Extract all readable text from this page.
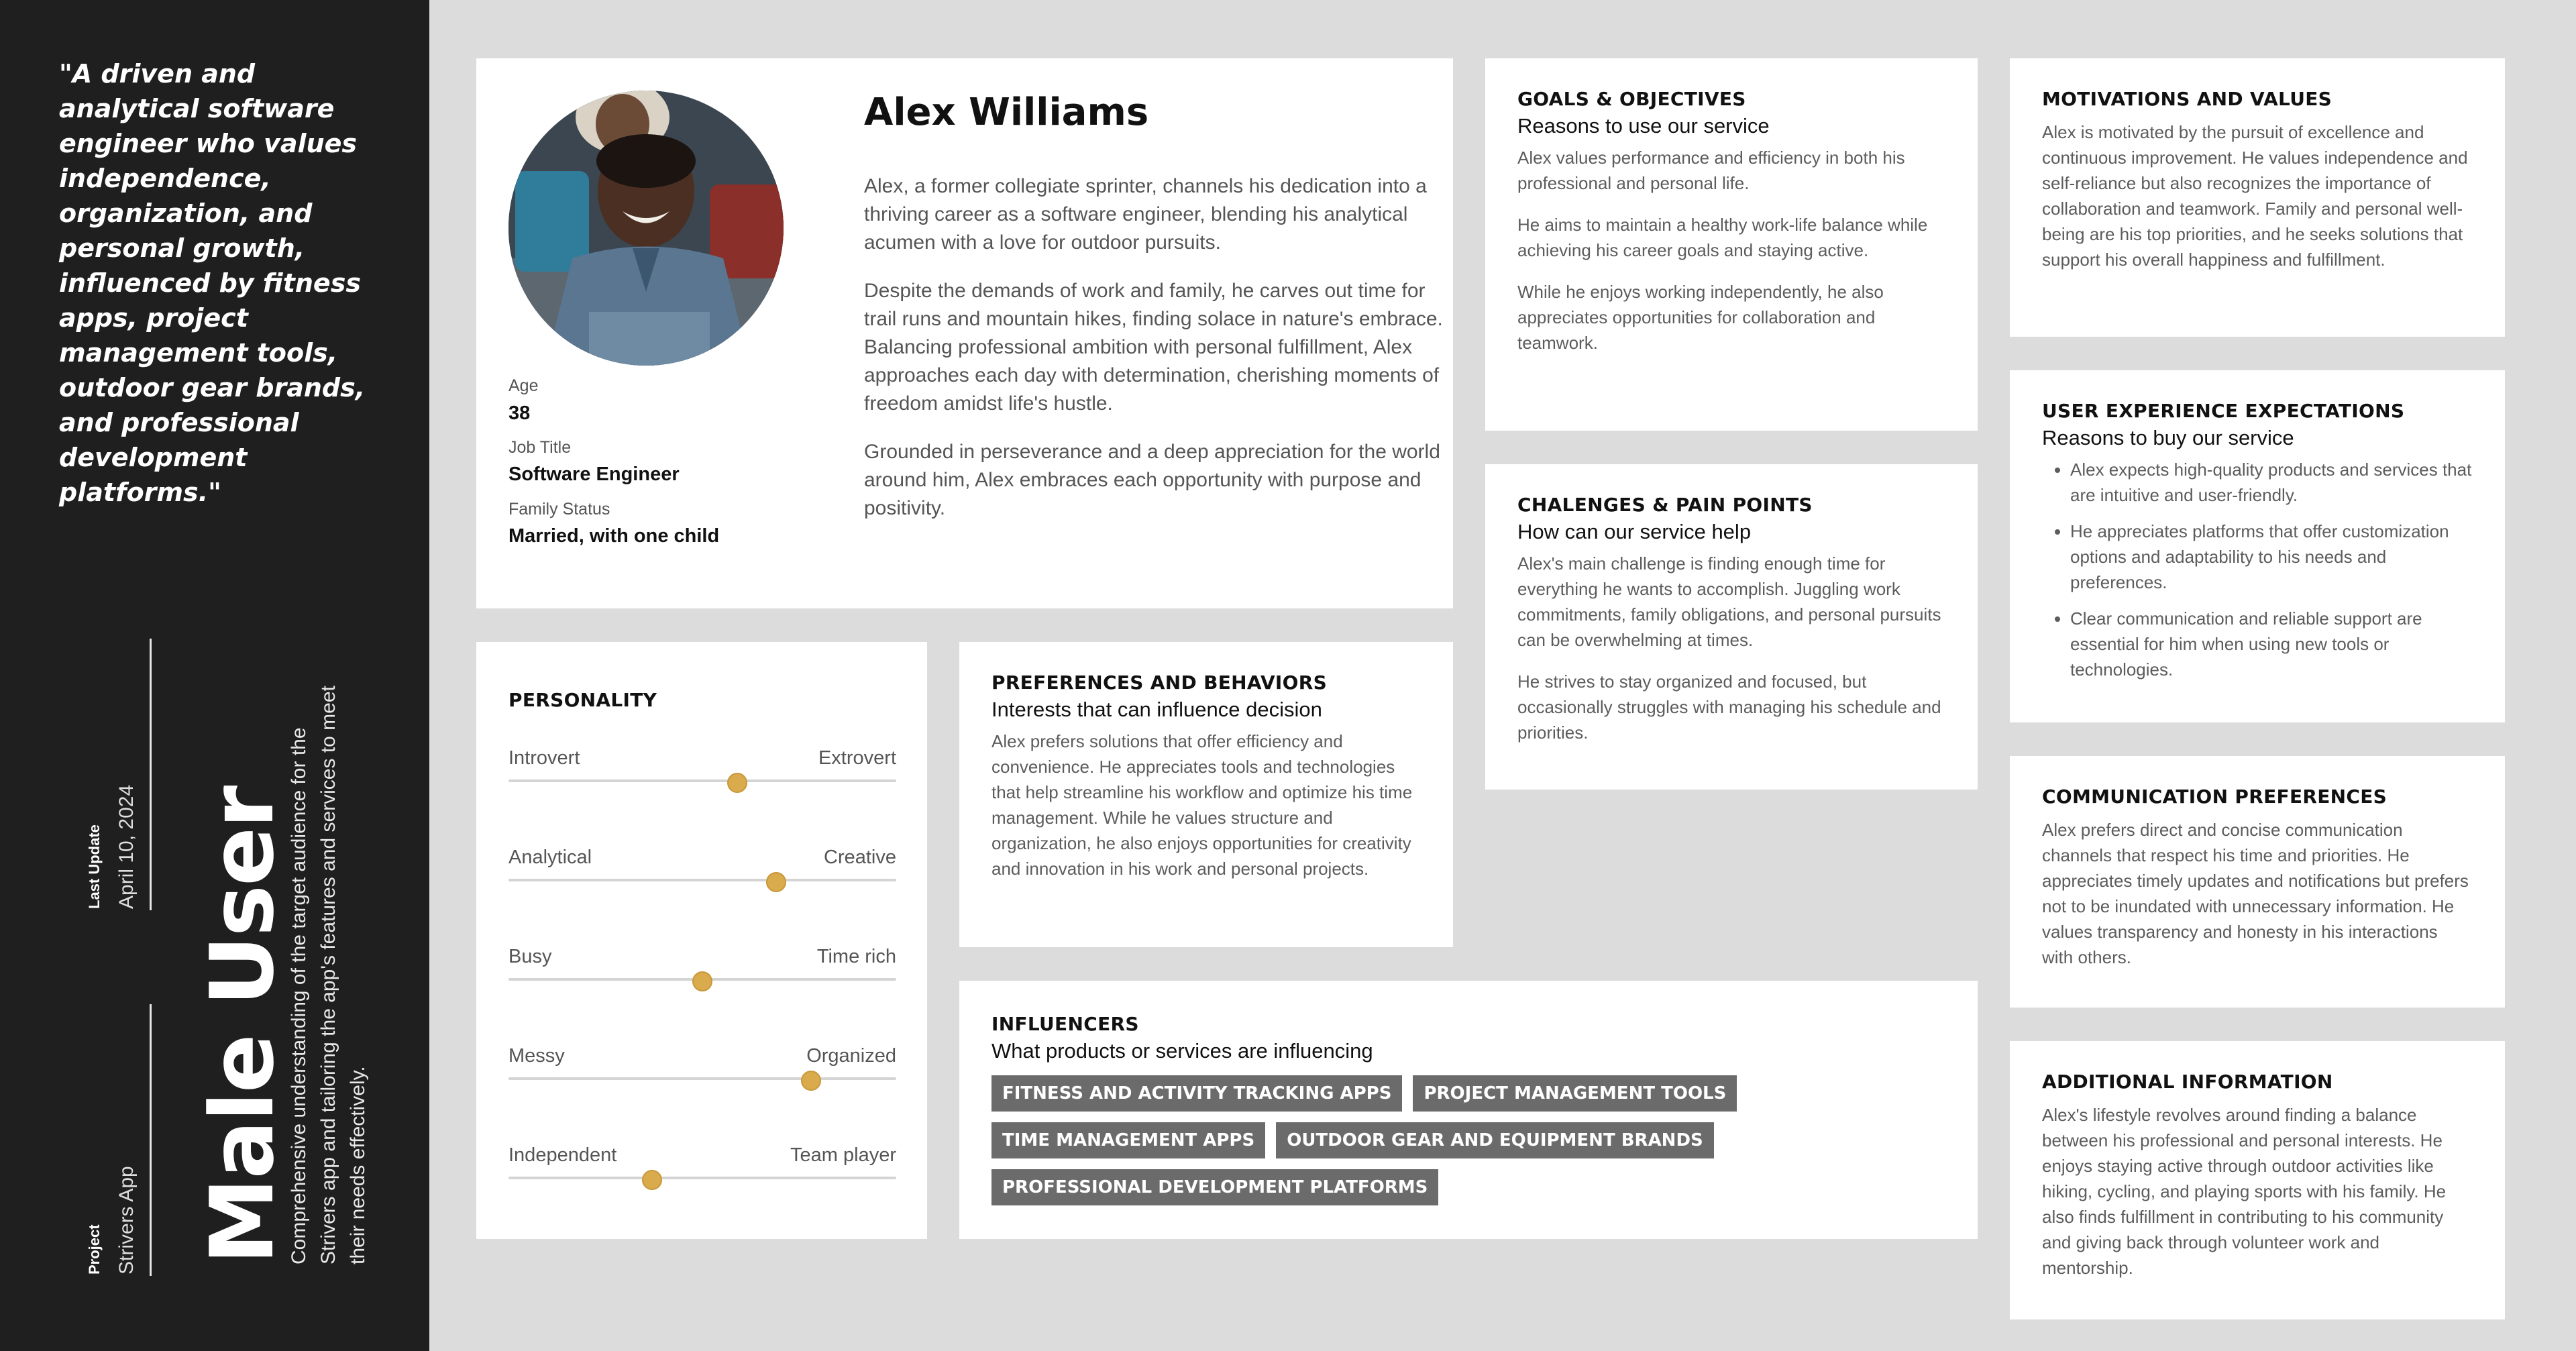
"A driven and analytical software engineer who values independence, organization, and personal growth, influenced by fitness apps, project management tools, outdoor gear brands, and professional development platforms."

Last Update April 10, 2024
Project Strivers App Male User
Comprehensive understanding of the target audience for the Strivers app and tailoring the app's features and services to meet their needs effectively.
Age
38
Job Title
Software Engineer
Family Status
Married, with one child
Alex Williams

Alex, a former collegiate sprinter, channels his dedication into a thriving career as a software engineer, blending his analytical acumen with a love for outdoor pursuits.

Despite the demands of work and family, he carves out time for trail runs and mountain hikes, finding solace in nature's embrace. Balancing professional ambition with personal fulfillment, Alex approaches each day with determination, cherishing moments of freedom amidst life's hustle.

Grounded in perseverance and a deep appreciation for the world around him, Alex embraces each opportunity with purpose and positivity.

PERSONALITY
Introvert	Extrovert
Analytical	Creative
Busy	Time rich
Messy	Organized
Independent	Team player
PREFERENCES AND BEHAVIORS
Interests that can influence decision

Alex prefers solutions that offer efficiency and convenience. He appreciates tools and technologies that help streamline his workflow and optimize his time management. While he values structure and organization, he also enjoys opportunities for creativity and innovation in his work and personal projects.

INFLUENCERS
What products or services are influencing
FITNESS AND ACTIVITY TRACKING APPS	PROJECT MANAGEMENT TOOLS
TIME MANAGEMENT APPS	OUTDOOR GEAR AND EQUIPMENT BRANDS
PROFESSIONAL DEVELOPMENT PLATFORMS
GOALS & OBJECTIVES
Reasons to use our service

Alex values performance and efficiency in both his professional and personal life.

He aims to maintain a healthy work-life balance while achieving his career goals and staying active.

While he enjoys working independently, he also appreciates opportunities for collaboration and teamwork.

CHALENGES & PAIN POINTS
How can our service help

Alex's main challenge is finding enough time for everything he wants to accomplish. Juggling work commitments, family obligations, and personal pursuits can be overwhelming at times.

He strives to stay organized and focused, but occasionally struggles with managing his schedule and priorities.

MOTIVATIONS AND VALUES

Alex is motivated by the pursuit of excellence and continuous improvement. He values independence and self-reliance but also recognizes the importance of collaboration and teamwork. Family and personal well-being are his top priorities, and he seeks solutions that support his overall happiness and fulfillment.

USER EXPERIENCE EXPECTATIONS
Reasons to buy our service
• Alex expects high-quality products and services that are intuitive and user-friendly.
• He appreciates platforms that offer customization options and adaptability to his needs and preferences.
• Clear communication and reliable support are essential for him when using new tools or technologies.
COMMUNICATION PREFERENCES

Alex prefers direct and concise communication channels that respect his time and priorities. He appreciates timely updates and notifications but prefers not to be inundated with unnecessary information. He values transparency and honesty in his interactions with others.

ADDITIONAL INFORMATION

Alex's lifestyle revolves around finding a balance between his professional and personal interests. He enjoys staying active through outdoor activities like hiking, cycling, and playing sports with his family. He also finds fulfillment in contributing to his community and giving back through volunteer work and mentorship.
